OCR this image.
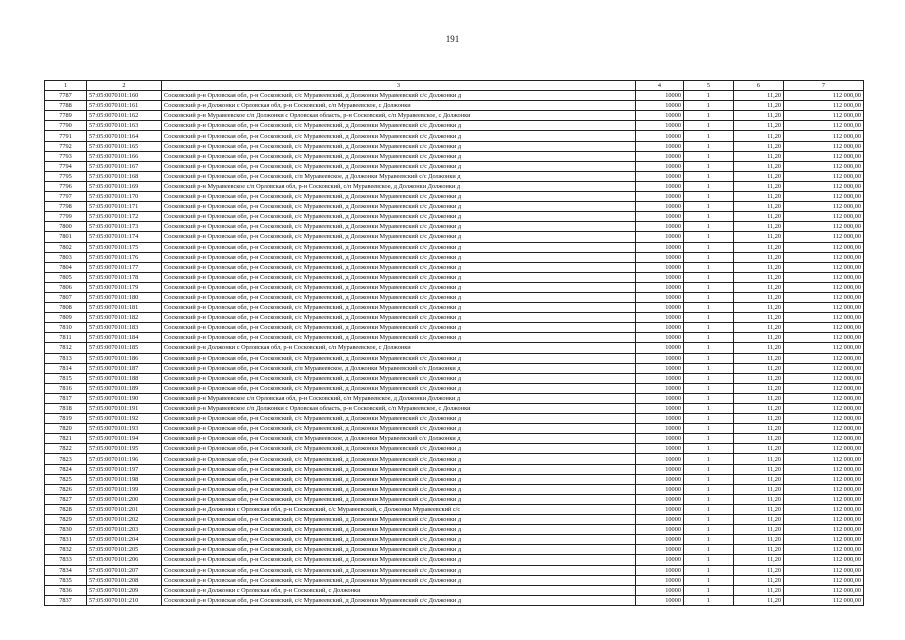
191
1	2	3	4	5	6	7
7787	57:05:0070101:160	Сосковский р-н Орловская обл, р-н Сосковский, с/с Муравеевский, д Должонки Муравеевский с/с Должонки д	10000	1	11,20	112 000,00
7788	57:05:0070101:161	Сосковский р-н Должонки с Орловская обл, р-н Сосковский, с/п Муравеевское, с Должонки	10000	1	11,20	112 000,00
7789	57:05:0070101:162	Сосковский р-н Муравеевское с/п Должонки с Орловская область, р-н Сосковский, с/п Муравеевское, с Должонки	10000	1	11,20	112 000,00
7790	57:05:0070101:163	Сосковский р-н Орловская обл, р-н Сосковский, с/с Муравеевский, д Должонки Муравеевский с/с Должонки д	10000	1	11,20	112 000,00
7791	57:05:0070101:164	Сосковский р-н Орловская обл, р-н Сосковский, с/с Муравеевский, д Должонки Муравеевский с/с Должонки д	10000	1	11,20	112 000,00
7792	57:05:0070101:165	Сосковский р-н Орловская обл, р-н Сосковский, с/с Муравеевский, д Должонки Муравеевский с/с Должонки д	10000	1	11,20	112 000,00
7793	57:05:0070101:166	Сосковский р-н Орловская обл, р-н Сосковский, с/с Муравеевский, д Должонки Муравеевский с/с Должонки д	10000	1	11,20	112 000,00
7794	57:05:0070101:167	Сосковский р-н Орловская обл, р-н Сосковский, с/с Муравеевский, д Должонки Муравеевский с/с Должонки д	10000	1	11,20	112 000,00
7795	57:05:0070101:168	Сосковский р-н Орловская обл, р-н Сосковский, с/п Муравеевское, д Должонки Муравеевский с/с Должонки д	10000	1	11,20	112 000,00
7796	57:05:0070101:169	Сосковский р-н Муравеевское с/п Орловская обл, р-н Сосковский, с/п Муравеевское, д Должонки Должонки д	10000	1	11,20	112 000,00
7797	57:05:0070101:170	Сосковский р-н Орловская обл, р-н Сосковский, с/с Муравеевский, д Должонки Муравеевский с/с Должонки д	10000	1	11,20	112 000,00
7798	57:05:0070101:171	Сосковский р-н Орловская обл, р-н Сосковский, с/с Муравеевский, д Должонки Муравеевский с/с Должонки д	10000	1	11,20	112 000,00
7799	57:05:0070101:172	Сосковский р-н Орловская обл, р-н Сосковский, с/с Муравеевский, д Должонки Муравеевский с/с Должонки д	10000	1	11,20	112 000,00
7800	57:05:0070101:173	Сосковский р-н Орловская обл, р-н Сосковский, с/с Муравеевский, д Должонки Муравеевский с/с Должонки д	10000	1	11,20	112 000,00
7801	57:05:0070101:174	Сосковский р-н Орловская обл, р-н Сосковский, с/с Муравеевский, д Должонки Муравеевский с/с Должонки д	10000	1	11,20	112 000,00
7802	57:05:0070101:175	Сосковский р-н Орловская обл, р-н Сосковский, с/с Муравеевский, д Должонки Муравеевский с/с Должонки д	10000	1	11,20	112 000,00
7803	57:05:0070101:176	Сосковский р-н Орловская обл, р-н Сосковский, с/с Муравеевский, д Должонки Муравеевский с/с Должонки д	10000	1	11,20	112 000,00
7804	57:05:0070101:177	Сосковский р-н Орловская обл, р-н Сосковский, с/с Муравеевский, д Должонки Муравеевский с/с Должонки д	10000	1	11,20	112 000,00
7805	57:05:0070101:178	Сосковский р-н Орловская обл, р-н Сосковский, с/с Муравеевский, д Должонки Муравеевский с/с Должонки д	10000	1	11,20	112 000,00
7806	57:05:0070101:179	Сосковский р-н Орловская обл, р-н Сосковский, с/с Муравеевский, д Должонки Муравеевский с/с Должонки д	10000	1	11,20	112 000,00
7807	57:05:0070101:180	Сосковский р-н Орловская обл, р-н Сосковский, с/с Муравеевский, д Должонки Муравеевский с/с Должонки д	10000	1	11,20	112 000,00
7808	57:05:0070101:181	Сосковский р-н Орловская обл, р-н Сосковский, с/с Муравеевский, д Должонки Муравеевский с/с Должонки д	10000	1	11,20	112 000,00
7809	57:05:0070101:182	Сосковский р-н Орловская обл, р-н Сосковский, с/с Муравеевский, д Должонки Муравеевский с/с Должонки д	10000	1	11,20	112 000,00
7810	57:05:0070101:183	Сосковский р-н Орловская обл, р-н Сосковский, с/с Муравеевский, д Должонки Муравеевский с/с Должонки д	10000	1	11,20	112 000,00
7811	57:05:0070101:184	Сосковский р-н Орловская обл, р-н Сосковский, с/с Муравеевский, д Должонки Муравеевский с/с Должонки д	10000	1	11,20	112 000,00
7812	57:05:0070101:185	Сосковский р-н Должонки с Орловская обл, р-н Сосковский, с/п Муравеевское, с Должонки	10000	1	11,20	112 000,00
7813	57:05:0070101:186	Сосковский р-н Орловская обл, р-н Сосковский, с/с Муравеевский, д Должонки Муравеевский с/с Должонки д	10000	1	11,20	112 000,00
7814	57:05:0070101:187	Сосковский р-н Орловская обл, р-н Сосковский, с/п Муравеевское, д Должонки Муравеевский с/с Должонки д	10000	1	11,20	112 000,00
7815	57:05:0070101:188	Сосковский р-н Орловская обл, р-н Сосковский, с/с Муравеевский, д Должонки Муравеевский с/с Должонки д	10000	1	11,20	112 000,00
7816	57:05:0070101:189	Сосковский р-н Орловская обл, р-н Сосковский, с/с Муравеевский, д Должонки Муравеевский с/с Должонки д	10000	1	11,20	112 000,00
7817	57:05:0070101:190	Сосковский р-н Муравеевское с/п Орловская обл, р-н Сосковский, с/п Муравеевское, д Должонки Должонки д	10000	1	11,20	112 000,00
7818	57:05:0070101:191	Сосковский р-н Муравеевское с/п Должонки с Орловская область, р-н Сосковский, с/п Муравеевское, с Должонки	10000	1	11,20	112 000,00
7819	57:05:0070101:192	Сосковский р-н Орловская обл, р-н Сосковский, с/с Муравеевский, д Должонки Муравеевский с/с Должонки д	10000	1	11,20	112 000,00
7820	57:05:0070101:193	Сосковский р-н Орловская обл, р-н Сосковский, с/с Муравеевский, д Должонки Муравеевский с/с Должонки д	10000	1	11,20	112 000,00
7821	57:05:0070101:194	Сосковский р-н Орловская обл, р-н Сосковский, с/п Муравеевское, д Должонки Муравеевский с/с Должонки д	10000	1	11,20	112 000,00
7822	57:05:0070101:195	Сосковский р-н Орловская обл, р-н Сосковский, с/с Муравеевский, д Должонки Муравеевский с/с Должонки д	10000	1	11,20	112 000,00
7823	57:05:0070101:196	Сосковский р-н Орловская обл, р-н Сосковский, с/с Муравеевский, д Должонки Муравеевский с/с Должонки д	10000	1	11,20	112 000,00
7824	57:05:0070101:197	Сосковский р-н Орловская обл, р-н Сосковский, с/с Муравеевский, д Должонки Муравеевский с/с Должонки д	10000	1	11,20	112 000,00
7825	57:05:0070101:198	Сосковский р-н Орловская обл, р-н Сосковский, с/с Муравеевский, д Должонки Муравеевский с/с Должонки д	10000	1	11,20	112 000,00
7826	57:05:0070101:199	Сосковский р-н Орловская обл, р-н Сосковский, с/с Муравеевский, д Должонки Муравеевский с/с Должонки д	10000	1	11,20	112 000,00
7827	57:05:0070101:200	Сосковский р-н Орловская обл, р-н Сосковский, с/с Муравеевский, д Должонки Муравеевский с/с Должонки д	10000	1	11,20	112 000,00
7828	57:05:0070101:201	Сосковский р-н Должонки с Орловская обл, р-н Сосковский, с/с Муравеевский, с Должонки Муравеевский с/с	10000	1	11,20	112 000,00
7829	57:05:0070101:202	Сосковский р-н Орловская обл, р-н Сосковский, с/с Муравеевский, д Должонки Муравеевский с/с Должонки д	10000	1	11,20	112 000,00
7830	57:05:0070101:203	Сосковский р-н Орловская обл, р-н Сосковский, с/с Муравеевский, д Должонки Муравеевский с/с Должонки д	10000	1	11,20	112 000,00
7831	57:05:0070101:204	Сосковский р-н Орловская обл, р-н Сосковский, с/с Муравеевский, д Должонки Муравеевский с/с Должонки д	10000	1	11,20	112 000,00
7832	57:05:0070101:205	Сосковский р-н Орловская обл, р-н Сосковский, с/с Муравеевский, д Должонки Муравеевский с/с Должонки д	10000	1	11,20	112 000,00
7833	57:05:0070101:206	Сосковский р-н Орловская обл, р-н Сосковский, с/с Муравеевский, д Должонки Муравеевский с/с Должонки д	10000	1	11,20	112 000,00
7834	57:05:0070101:207	Сосковский р-н Орловская обл, р-н Сосковский, с/с Муравеевский, д Должонки Муравеевский с/с Должонки д	10000	1	11,20	112 000,00
7835	57:05:0070101:208	Сосковский р-н Орловская обл, р-н Сосковский, с/с Муравеевский, д Должонки Муравеевский с/с Должонки д	10000	1	11,20	112 000,00
7836	57:05:0070101:209	Сосковский р-н Должонки с Орловская обл, р-н Сосковский, с Должонки	10000	1	11,20	112 000,00
7837	57:05:0070101:210	Сосковский р-н Орловская обл, р-н Сосковский, с/с Муравеевский, д Должонки Муравеевский с/с Должонки д	10000	1	11,20	112 000,00
